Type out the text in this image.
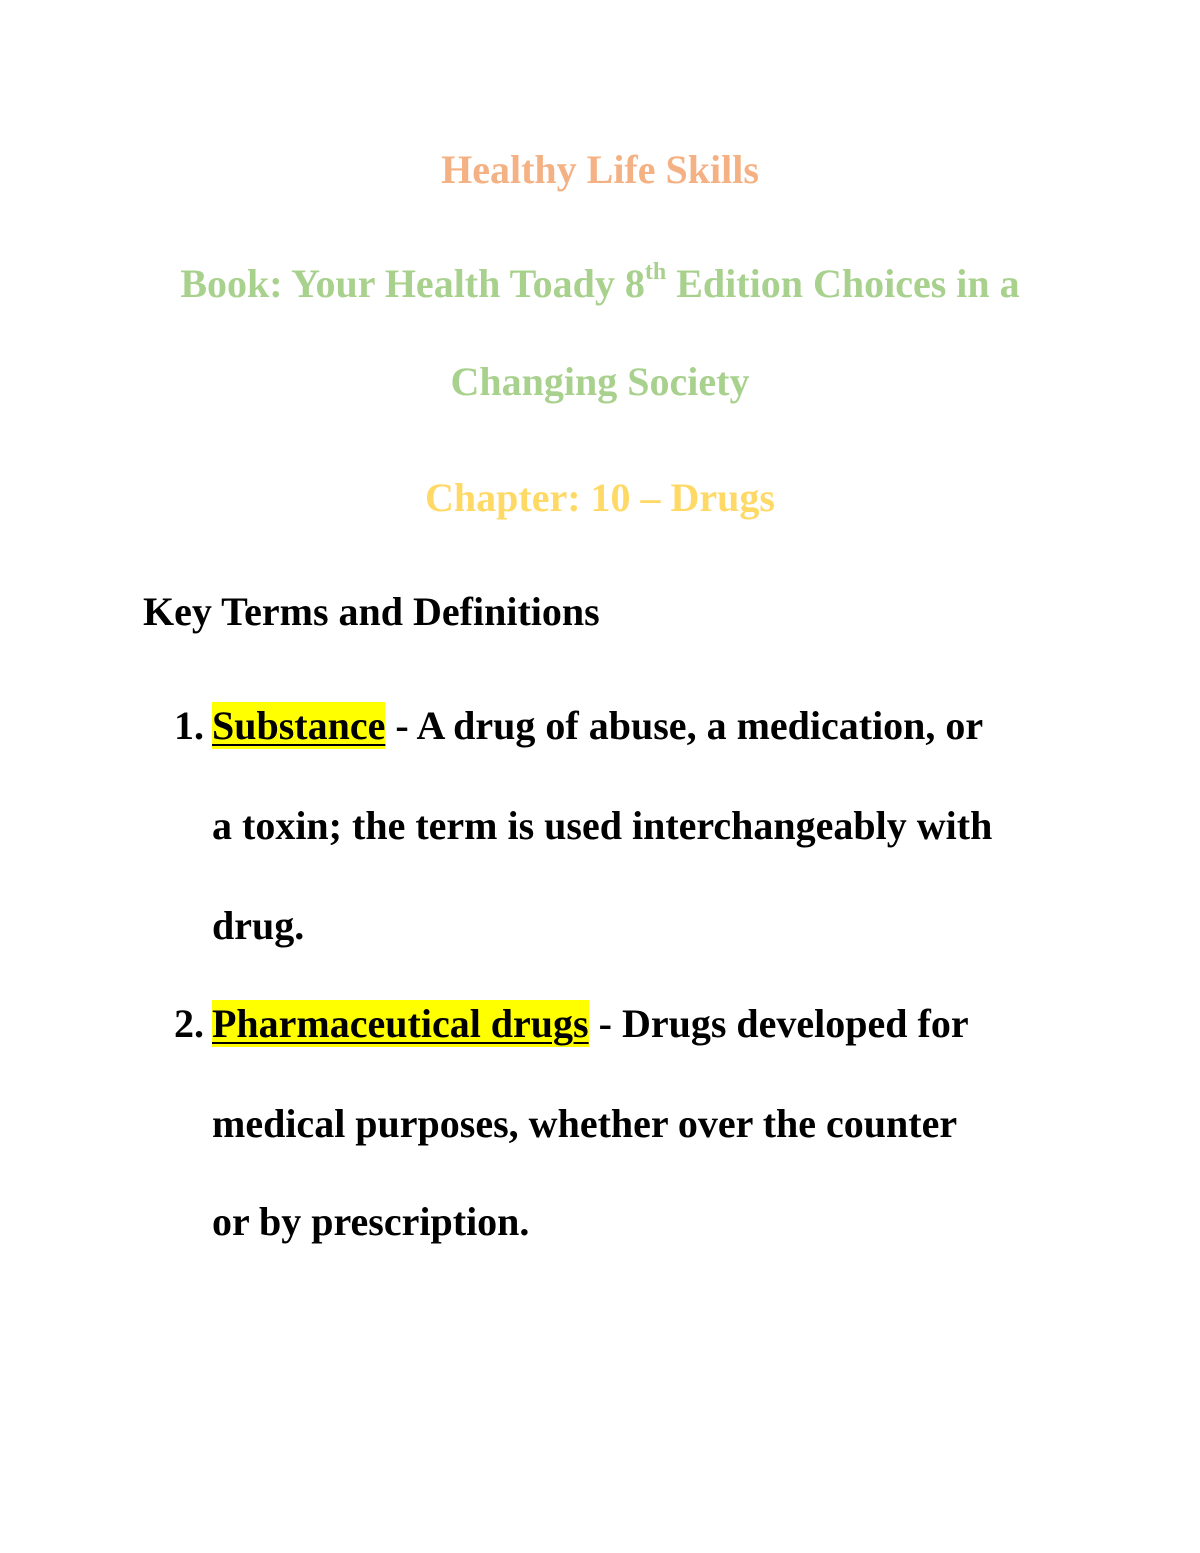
Healthy Life Skills
Book: Your Health Toady 8th Edition Choices in a
Changing Society
Chapter: 10 – Drugs
Key Terms and Definitions
1. Substance - A drug of abuse, a medication, or
a toxin; the term is used interchangeably with
drug.
2. Pharmaceutical drugs - Drugs developed for
medical purposes, whether over the counter
or by prescription.
